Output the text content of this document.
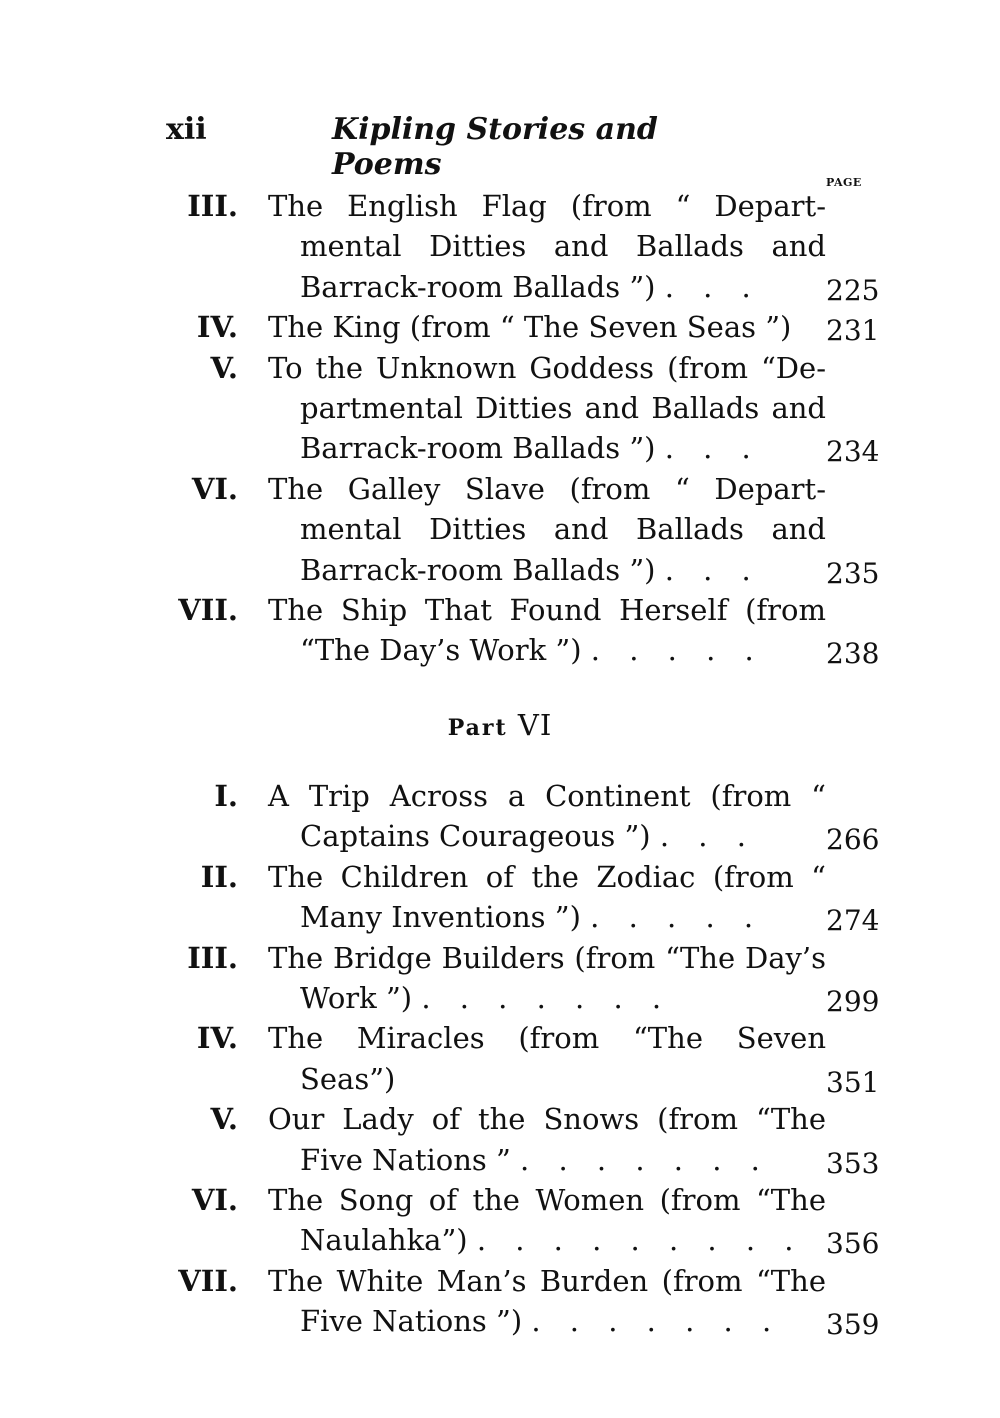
xii	Kipling Stories and Poems
PAGE
III. The English Flag (from “ Departmental Ditties and Ballads and Barrack-room Ballads ”) . . .	225
IV. The King (from “ The Seven Seas ”)	231
V. To the Unknown Goddess (from “Departmental Ditties and Ballads and Barrack-room Ballads ”) . . .	234
VI. The Galley Slave (from “ Departmental Ditties and Ballads and Barrack-room Ballads ”) . . .	235
VII. The Ship That Found Herself (from “The Day’s Work ”) . . . . .	238
Part VI
I. A Trip Across a Continent (from “ Captains Courageous ”) . . .	266
II. The Children of the Zodiac (from “ Many Inventions ”) . . . . .	274
III. The Bridge Builders (from “The Day’s Work ”) . . . . . . .	299
IV. The Miracles (from “The Seven Seas”)	351
V. Our Lady of the Snows (from “The Five Nations ” . . . . . . .	353
VI. The Song of the Women (from “The Naulahka”) . . . . . . . . . 356
VII. The White Man’s Burden (from “The Five Nations ”) . . . . . . .	359
